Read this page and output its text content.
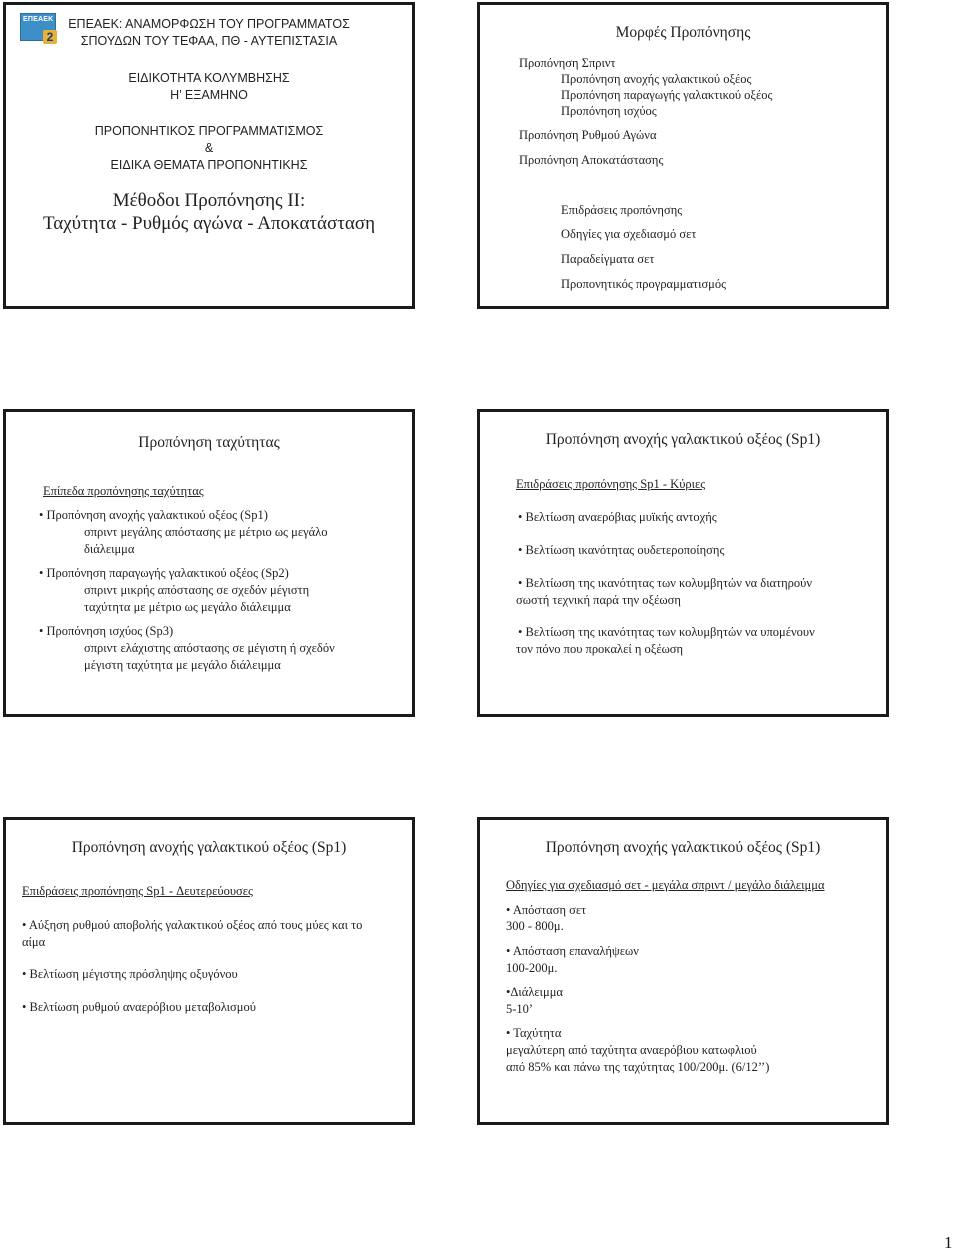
ΕΠΕΑΕΚ
2
ΕΠΕΑΕΚ: ΑΝΑΜΟΡΦΩΣΗ ΤΟΥ ΠΡΟΓΡΑΜΜΑΤΟΣ
ΣΠΟΥΔΩΝ ΤΟΥ ΤΕΦΑΑ, ΠΘ - ΑΥΤΕΠΙΣΤΑΣΙΑ
ΕΙΔΙΚΟΤΗΤΑ ΚΟΛΥΜΒΗΣΗΣ
Η’ ΕΞΑΜΗΝΟ
ΠΡΟΠΟΝΗΤΙΚΟΣ ΠΡΟΓΡΑΜΜΑΤΙΣΜΟΣ
&
ΕΙΔΙΚΑ ΘΕΜΑΤΑ ΠΡΟΠΟΝΗΤΙΚΗΣ
Μέθοδοι Προπόνησης ΙΙ:
Ταχύτητα - Ρυθμός αγώνα - Αποκατάσταση
Μορφές Προπόνησης
Προπόνηση Σπριντ
Προπόνηση ανοχής γαλακτικού οξέος
Προπόνηση παραγωγής γαλακτικού οξέος
Προπόνηση ισχύος
Προπόνηση Ρυθμού Αγώνα
Προπόνηση Αποκατάστασης
Επιδράσεις προπόνησης
Οδηγίες για σχεδιασμό σετ
Παραδείγματα σετ
Προπονητικός προγραμματισμός
Προπόνηση ταχύτητας
Επίπεδα προπόνησης ταχύτητας
• Προπόνηση ανοχής γαλακτικού οξέος (Sp1)
σπριντ μεγάλης απόστασης με μέτριο ως μεγάλο
διάλειμμα
• Προπόνηση παραγωγής γαλακτικού οξέος (Sp2)
σπριντ μικρής απόστασης σε σχεδόν μέγιστη
ταχύτητα με μέτριο ως μεγάλο διάλειμμα
• Προπόνηση ισχύος (Sp3)
σπριντ ελάχιστης απόστασης σε μέγιστη ή σχεδόν
μέγιστη ταχύτητα με μεγάλο διάλειμμα
Προπόνηση ανοχής γαλακτικού οξέος (Sp1)
Επιδράσεις προπόνησης Sp1 - Κύριες
• Βελτίωση αναερόβιας μυϊκής αντοχής
• Βελτίωση ικανότητας ουδετεροποίησης
• Βελτίωση της ικανότητας των κολυμβητών να διατηρούν
σωστή τεχνική παρά την οξέωση
• Βελτίωση της ικανότητας των κολυμβητών να υπομένουν
τον πόνο που προκαλεί η οξέωση
Προπόνηση ανοχής γαλακτικού οξέος (Sp1)
Επιδράσεις προπόνησης Sp1 - Δευτερεύουσες
• Αύξηση ρυθμού αποβολής γαλακτικού οξέος από τους μύες και το
αίμα
• Βελτίωση μέγιστης πρόσληψης οξυγόνου
• Βελτίωση ρυθμού αναερόβιου μεταβολισμού
Προπόνηση ανοχής γαλακτικού οξέος (Sp1)
Οδηγίες για σχεδιασμό σετ - μεγάλα σπριντ / μεγάλο διάλειμμα
• Απόσταση σετ
300 - 800μ.
• Απόσταση επαναλήψεων
100-200μ.
•Διάλειμμα
5-10’
• Ταχύτητα
μεγαλύτερη από ταχύτητα αναερόβιου κατωφλιού
από 85% και πάνω της ταχύτητας 100/200μ. (6/12’’)
1
